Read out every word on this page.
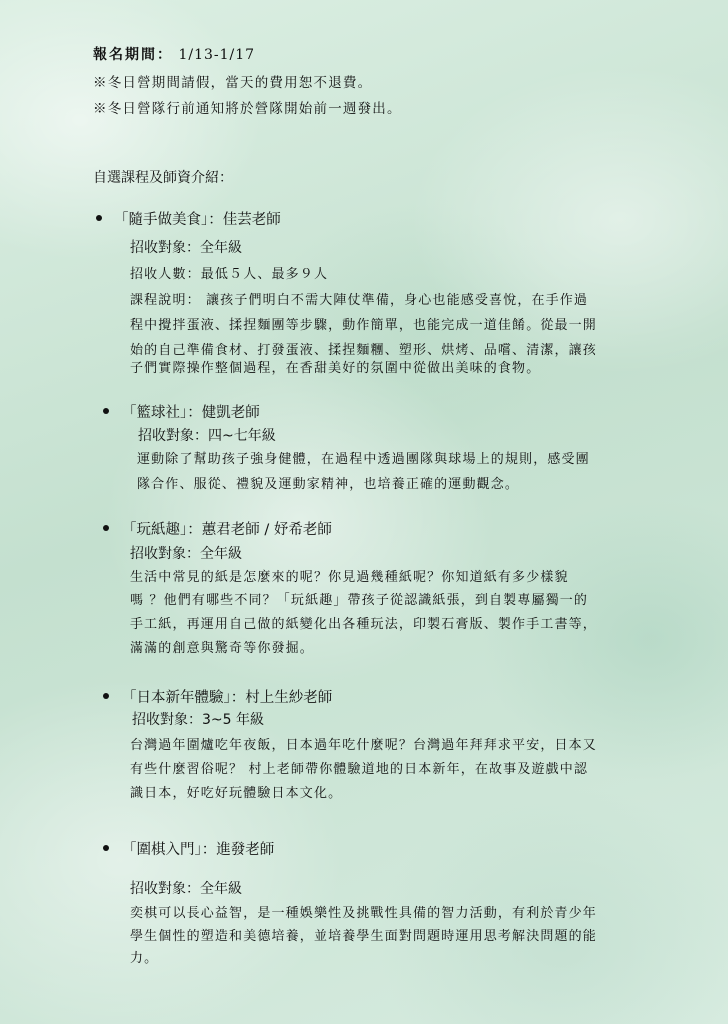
報名期間： 1/13-1/17
※冬日營期間請假，當天的費用恕不退費。
※冬日營隊行前通知將於營隊開始前一週發出。
自選課程及師資介紹：
「隨手做美食」：佳芸老師
招收對象：全年級
招收人數：最低５人、最多９人
課程說明： 讓孩子們明白不需大陣仗準備，身心也能感受喜悅，在手作過
程中攪拌蛋液、揉捏麵團等步驟，動作簡單，也能完成一道佳餚。從最一開
始的自己準備食材、打發蛋液、揉捏麵糰、塑形、烘烤、品嚐、清潔，讓孩
子們實際操作整個過程，在香甜美好的氛圍中從做出美味的食物。
「籃球社」：健凱老師
招收對象：四~七年級
運動除了幫助孩子強身健體，在過程中透過團隊與球場上的規則，感受團
隊合作、服從、禮貌及運動家精神，也培養正確的運動觀念。
「玩紙趣」：蕙君老師 / 妤希老師
招收對象：全年級
生活中常見的紙是怎麼來的呢？你見過幾種紙呢？你知道紙有多少樣貌
嗎 ？他們有哪些不同？「玩紙趣」帶孩子從認識紙張，到自製專屬獨一的
手工紙，再運用自己做的紙變化出各種玩法，印製石膏版、製作手工書等，
滿滿的創意與驚奇等你發掘。
「日本新年體驗」：村上生紗老師
招收對象：3~5 年級
台灣過年圍爐吃年夜飯，日本過年吃什麼呢？台灣過年拜拜求平安，日本又
有些什麼習俗呢？ 村上老師帶你體驗道地的日本新年，在故事及遊戲中認
識日本，好吃好玩體驗日本文化。
「圍棋入門」：進發老師
招收對象：全年級
奕棋可以長心益智，是一種娛樂性及挑戰性具備的智力活動，有利於青少年
學生個性的塑造和美德培養，並培養學生面對問題時運用思考解決問題的能
力。
